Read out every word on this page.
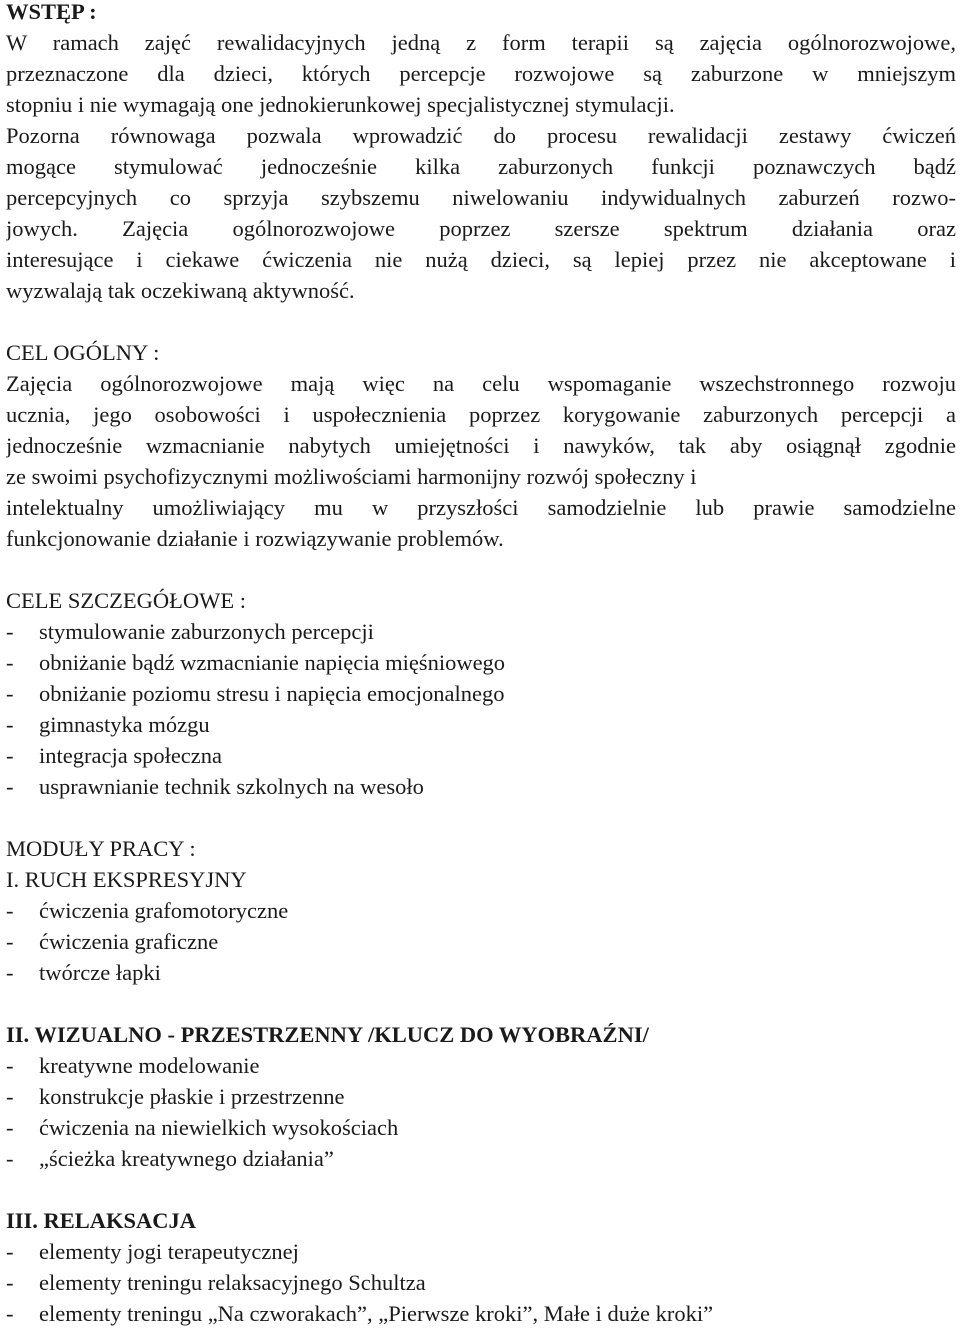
WSTĘP :
W ramach zajęć rewalidacyjnych jedną z form terapii są zajęcia ogólnorozwojowe,
przeznaczone dla dzieci, których percepcje rozwojowe są zaburzone w mniejszym
stopniu i nie wymagają one jednokierunkowej specjalistycznej stymulacji.
Pozorna równowaga pozwala wprowadzić do procesu rewalidacji zestawy ćwiczeń
mogące stymulować jednocześnie kilka zaburzonych funkcji poznawczych bądź
percepcyjnych co sprzyja szybszemu niwelowaniu indywidualnych zaburzeń rozwo-
jowych. Zajęcia ogólnorozwojowe poprzez szersze spektrum działania oraz
interesujące i ciekawe ćwiczenia nie nużą dzieci, są lepiej przez nie akceptowane i
wyzwalają tak oczekiwaną aktywność.
CEL OGÓLNY :
Zajęcia ogólnorozwojowe mają więc na celu wspomaganie wszechstronnego rozwoju
ucznia, jego osobowości i uspołecznienia poprzez korygowanie zaburzonych percepcji a
jednocześnie wzmacnianie nabytych umiejętności i nawyków, tak aby osiągnął zgodnie
ze swoimi psychofizycznymi możliwościami harmonijny rozwój społeczny i
intelektualny umożliwiający mu w przyszłości samodzielnie lub prawie samodzielne
funkcjonowanie działanie i rozwiązywanie problemów.
CELE SZCZEGÓŁOWE :
-	stymulowanie zaburzonych percepcji
-	obniżanie bądź wzmacnianie napięcia mięśniowego
-	obniżanie poziomu stresu i napięcia emocjonalnego
-	gimnastyka mózgu
-	integracja społeczna
-	usprawnianie technik szkolnych na wesoło
MODUŁY PRACY :
I. RUCH EKSPRESYJNY
-	ćwiczenia grafomotoryczne
-	ćwiczenia graficzne
-	twórcze łapki
II. WIZUALNO - PRZESTRZENNY /KLUCZ DO WYOBRAŹNI/
-	kreatywne modelowanie
-	konstrukcje płaskie i przestrzenne
-	ćwiczenia na niewielkich wysokościach
-	„ścieżka kreatywnego działania”
III. RELAKSACJA
-	elementy jogi terapeutycznej
-	elementy treningu relaksacyjnego Schultza
-	elementy treningu „Na czworakach”, „Pierwsze kroki”, Małe i duże kroki”
